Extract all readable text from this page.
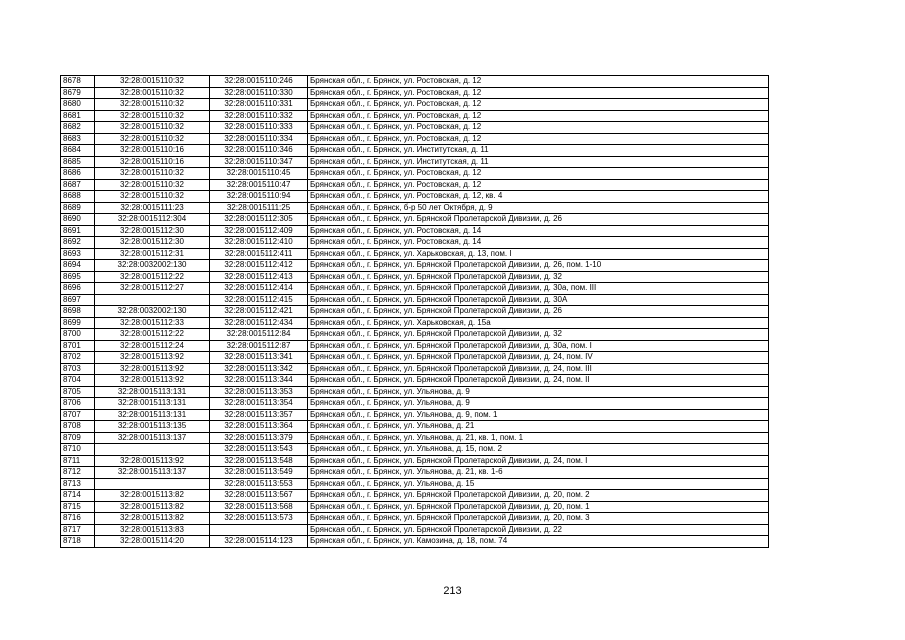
8678	32:28:0015110:32	32:28:0015110:246	Брянская обл., г. Брянск, ул. Ростовская, д. 12
8679	32:28:0015110:32	32:28:0015110:330	Брянская обл., г. Брянск, ул. Ростовская, д. 12
8680	32:28:0015110:32	32:28:0015110:331	Брянская обл., г. Брянск, ул. Ростовская, д. 12
8681	32:28:0015110:32	32:28:0015110:332	Брянская обл., г. Брянск, ул. Ростовская, д. 12
8682	32:28:0015110:32	32:28:0015110:333	Брянская обл., г. Брянск, ул. Ростовская, д. 12
8683	32:28:0015110:32	32:28:0015110:334	Брянская обл., г. Брянск, ул. Ростовская, д. 12
8684	32:28:0015110:16	32:28:0015110:346	Брянская обл., г. Брянск, ул. Институтская, д. 11
8685	32:28:0015110:16	32:28:0015110:347	Брянская обл., г. Брянск, ул. Институтская, д. 11
8686	32:28:0015110:32	32:28:0015110:45	Брянская обл., г. Брянск, ул. Ростовская, д. 12
8687	32:28:0015110:32	32:28:0015110:47	Брянская обл., г. Брянск, ул. Ростовская, д. 12
8688	32:28:0015110:32	32:28:0015110:94	Брянская обл., г. Брянск, ул. Ростовская, д. 12, кв. 4
8689	32:28:0015111:23	32:28:0015111:25	Брянская обл., г. Брянск, б-р 50 лет Октября, д. 9
8690	32:28:0015112:304	32:28:0015112:305	Брянская обл., г. Брянск, ул. Брянской Пролетарской Дивизии, д. 26
8691	32:28:0015112:30	32:28:0015112:409	Брянская обл., г. Брянск, ул. Ростовская, д. 14
8692	32:28:0015112:30	32:28:0015112:410	Брянская обл., г. Брянск, ул. Ростовская, д. 14
8693	32:28:0015112:31	32:28:0015112:411	Брянская обл., г. Брянск, ул. Харьковская, д. 13, пом. I
8694	32:28:0032002:130	32:28:0015112:412	Брянская обл., г. Брянск, ул. Брянской Пролетарской Дивизии, д. 26, пом. 1-10
8695	32:28:0015112:22	32:28:0015112:413	Брянская обл., г. Брянск, ул. Брянской Пролетарской Дивизии, д. 32
8696	32:28:0015112:27	32:28:0015112:414	Брянская обл., г. Брянск, ул. Брянской Пролетарской Дивизии, д. 30а, пом. III
8697		32:28:0015112:415	Брянская обл., г. Брянск, ул. Брянской Пролетарской Дивизии, д. 30А
8698	32:28:0032002:130	32:28:0015112:421	Брянская обл., г. Брянск, ул. Брянской Пролетарской Дивизии, д. 26
8699	32:28:0015112:33	32:28:0015112:434	Брянская обл., г. Брянск, ул. Харьковская, д. 15а
8700	32:28:0015112:22	32:28:0015112:84	Брянская обл., г. Брянск, ул. Брянской Пролетарской Дивизии, д. 32
8701	32:28:0015112:24	32:28:0015112:87	Брянская обл., г. Брянск, ул. Брянской Пролетарской Дивизии, д. 30а, пом. I
8702	32:28:0015113:92	32:28:0015113:341	Брянская обл., г. Брянск, ул. Брянской Пролетарской Дивизии, д. 24, пом. IV
8703	32:28:0015113:92	32:28:0015113:342	Брянская обл., г. Брянск, ул. Брянской Пролетарской Дивизии, д. 24, пом. III
8704	32:28:0015113:92	32:28:0015113:344	Брянская обл., г. Брянск, ул. Брянской Пролетарской Дивизии, д. 24, пом. II
8705	32:28:0015113:131	32:28:0015113:353	Брянская обл., г. Брянск, ул. Ульянова, д. 9
8706	32:28:0015113:131	32:28:0015113:354	Брянская обл., г. Брянск, ул. Ульянова, д. 9
8707	32:28:0015113:131	32:28:0015113:357	Брянская обл., г. Брянск, ул. Ульянова, д. 9, пом. 1
8708	32:28:0015113:135	32:28:0015113:364	Брянская обл., г. Брянск, ул. Ульянова, д. 21
8709	32:28:0015113:137	32:28:0015113:379	Брянская обл., г. Брянск, ул. Ульянова, д. 21, кв. 1, пом. 1
8710		32:28:0015113:543	Брянская обл., г. Брянск, ул. Ульянова, д. 15, пом. 2
8711	32:28:0015113:92	32:28:0015113:548	Брянская обл., г. Брянск, ул. Брянской Пролетарской Дивизии, д. 24, пом. I
8712	32:28:0015113:137	32:28:0015113:549	Брянская обл., г. Брянск, ул. Ульянова, д. 21, кв. 1-6
8713		32:28:0015113:553	Брянская обл., г. Брянск, ул. Ульянова, д. 15
8714	32:28:0015113:82	32:28:0015113:567	Брянская обл., г. Брянск, ул. Брянской Пролетарской Дивизии, д. 20, пом. 2
8715	32:28:0015113:82	32:28:0015113:568	Брянская обл., г. Брянск, ул. Брянской Пролетарской Дивизии, д. 20, пом. 1
8716	32:28:0015113:82	32:28:0015113:573	Брянская обл., г. Брянск, ул. Брянской Пролетарской Дивизии, д. 20, пом. 3
8717	32:28:0015113:83		Брянская обл., г. Брянск, ул. Брянской Пролетарской Дивизии, д. 22
8718	32:28:0015114:20	32:28:0015114:123	Брянская обл., г. Брянск, ул. Камозина, д. 18, пом. 74
213
